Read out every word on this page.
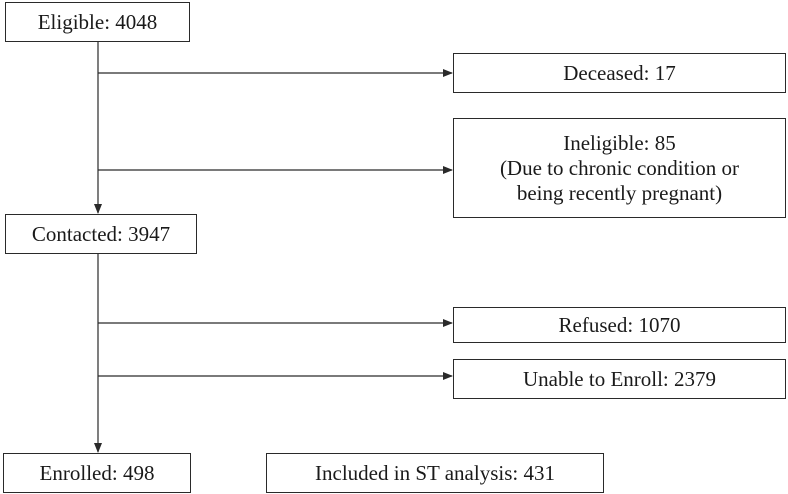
Eligible: 4048
Deceased: 17
Ineligible: 85
(Due to chronic condition or
being recently pregnant)
Contacted: 3947
Refused: 1070
Unable to Enroll: 2379
Enrolled: 498	Included in ST analysis: 431
